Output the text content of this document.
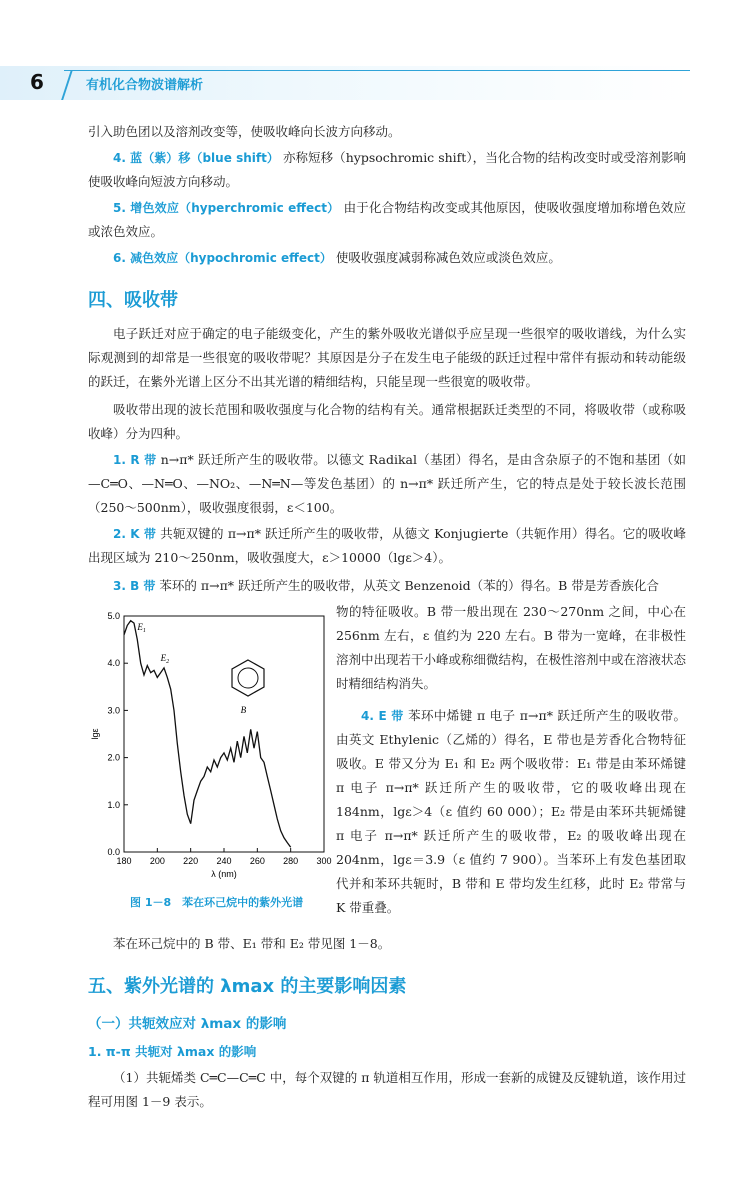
6	有机化合物波谱解析

引入助色团以及溶剂改变等，使吸收峰向长波方向移动。

4. 蓝（紫）移（blue shift） 亦称短移（hypsochromic shift），当化合物的结构改变时或受溶剂影响使吸收峰向短波方向移动。

5. 增色效应（hyperchromic effect） 由于化合物结构改变或其他原因，使吸收强度增加称增色效应或浓色效应。

6. 减色效应（hypochromic effect） 使吸收强度减弱称减色效应或淡色效应。

四、吸收带

电子跃迁对应于确定的电子能级变化，产生的紫外吸收光谱似乎应呈现一些很窄的吸收谱线，为什么实际观测到的却常是一些很宽的吸收带呢？其原因是分子在发生电子能级的跃迁过程中常伴有振动和转动能级的跃迁，在紫外光谱上区分不出其光谱的精细结构，只能呈现一些很宽的吸收带。

吸收带出现的波长范围和吸收强度与化合物的结构有关。通常根据跃迁类型的不同，将吸收带（或称吸收峰）分为四种。

1. R 带 n→π* 跃迁所产生的吸收带。以德文 Radikal（基团）得名，是由含杂原子的不饱和基团（如—C═O、—N═O、—NO₂、—N═N—等发色基团）的 n→π* 跃迁所产生，它的特点是处于较长波长范围（250～500nm），吸收强度很弱，ε＜100。

2. K 带 共轭双键的 π→π* 跃迁所产生的吸收带，从德文 Konjugierte（共轭作用）得名。它的吸收峰出现区域为 210～250nm，吸收强度大，ε＞10000（lgε＞4）。

3. B 带 苯环的 π→π* 跃迁所产生的吸收带，从英文 Benzenoid（苯的）得名。B 带是芳香族化合

物的特征吸收。B 带一般出现在 230～270nm 之间，中心在 256nm 左右，ε 值约为 220 左右。B 带为一宽峰，在非极性溶剂中出现若干小峰或称细微结构，在极性溶剂中或在溶液状态时精细结构消失。

4. E 带 苯环中烯键 π 电子 π→π* 跃迁所产生的吸收带。由英文 Ethylenic（乙烯的）得名，E 带也是芳香化合物特征吸收。E 带又分为 E₁ 和 E₂ 两个吸收带：E₁ 带是由苯环烯键 π 电子 π→π* 跃迁所产生的吸收带，它的吸收峰出现在 184nm，lgε＞4（ε 值约 60 000）；E₂ 带是由苯环共轭烯键 π 电子 π→π* 跃迁所产生的吸收带，E₂ 的吸收峰出现在 204nm，lgε＝3.9（ε 值约 7 900）。当苯环上有发色基团取代并和苯环共轭时，B 带和 E 带均发生红移，此时 E₂ 带常与 K 带重叠。

180 200 220 240 260 280 300
0.0
1.0
2.0
3.0
4.0
5.0
λ (nm)
lgε
$E_1$
$E_2$
B
图 1－8　苯在环己烷中的紫外光谱

苯在环己烷中的 B 带、E₁ 带和 E₂ 带见图 1－8。

五、紫外光谱的 λmax 的主要影响因素
（一）共轭效应对 λmax 的影响
1. π-π 共轭对 λmax 的影响

（1）共轭烯类 C═C—C═C 中，每个双键的 π 轨道相互作用，形成一套新的成键及反键轨道，该作用过程可用图 1－9 表示。
